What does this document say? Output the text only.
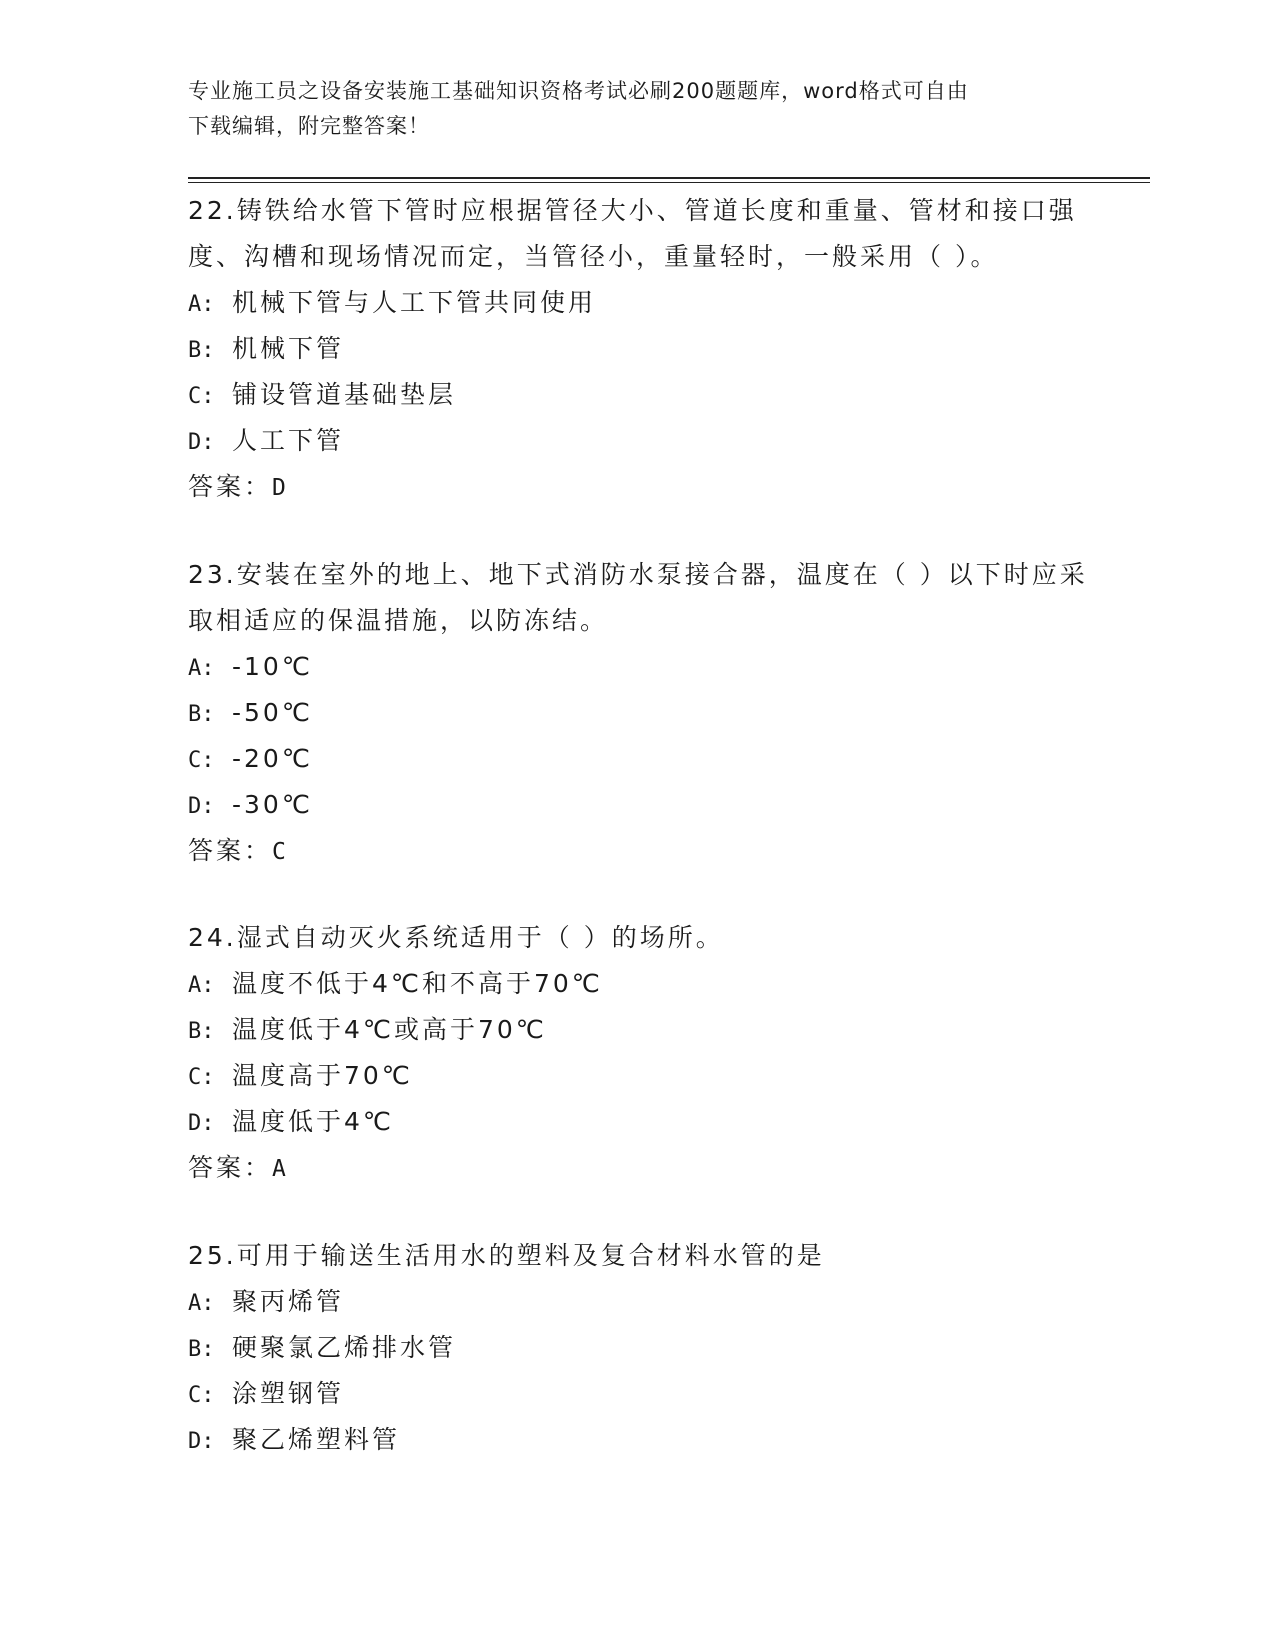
专业施工员之设备安装施工基础知识资格考试必刷200题题库，word格式可自由
下载编辑，附完整答案！
22.铸铁给水管下管时应根据管径大小、管道长度和重量、管材和接口强度、沟槽和现场情况而定，当管径小，重量轻时，一般采用（ ）。
A: 机械下管与人工下管共同使用
B: 机械下管
C: 铺设管道基础垫层
D: 人工下管
答案：D
23.安装在室外的地上、地下式消防水泵接合器，温度在（ ）以下时应采取相适应的保温措施，以防冻结。
A: -10℃
B: -50℃
C: -20℃
D: -30℃
答案：C
24.湿式自动灭火系统适用于（ ）的场所。
A: 温度不低于4℃和不高于70℃
B: 温度低于4℃或高于70℃
C: 温度高于70℃
D: 温度低于4℃
答案：A
25.可用于输送生活用水的塑料及复合材料水管的是
A: 聚丙烯管
B: 硬聚氯乙烯排水管
C: 涂塑钢管
D: 聚乙烯塑料管
